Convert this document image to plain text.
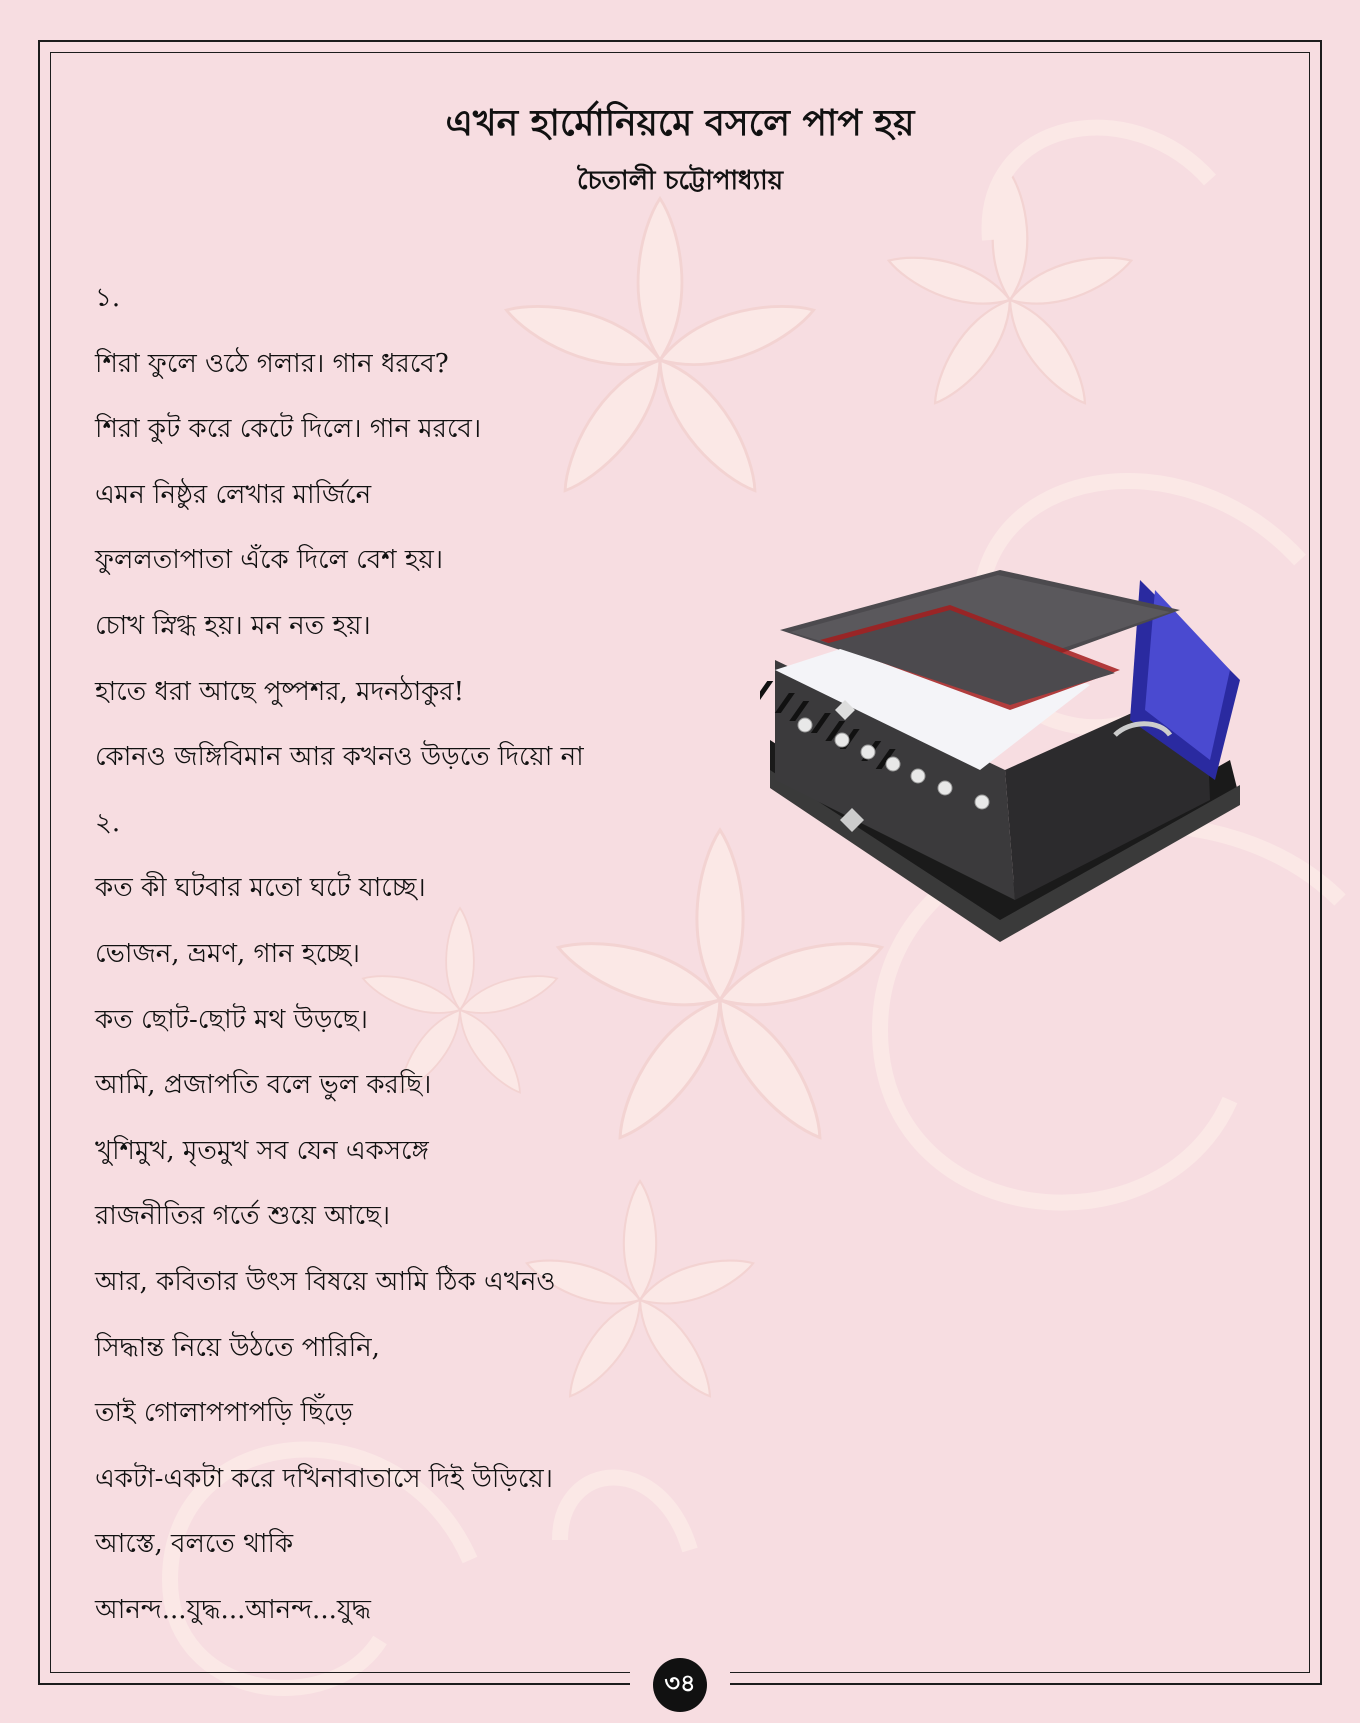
এখন হার্মোনিয়মে বসলে পাপ হয়
চৈতালী চট্টোপাধ্যায়
১.
শিরা ফুলে ওঠে গলার। গান ধরবে?
শিরা কুট করে কেটে দিলে। গান মরবে।
এমন নিষ্ঠুর লেখার মার্জিনে
ফুললতাপাতা এঁকে দিলে বেশ হয়।
চোখ স্নিগ্ধ হয়। মন নত হয়।
হাতে ধরা আছে পুষ্পশর, মদনঠাকুর!
কোনও জঙ্গিবিমান আর কখনও উড়তে দিয়ো না
২.
কত কী ঘটবার মতো ঘটে যাচ্ছে।
ভোজন, ভ্রমণ, গান হচ্ছে।
কত ছোট-ছোট মথ উড়ছে।
আমি, প্রজাপতি বলে ভুল করছি।
খুশিমুখ, মৃতমুখ সব যেন একসঙ্গে
রাজনীতির গর্তে শুয়ে আছে।
আর, কবিতার উৎস বিষয়ে আমি ঠিক এখনও
সিদ্ধান্ত নিয়ে উঠতে পারিনি,
তাই গোলাপপাপড়ি ছিঁড়ে
একটা-একটা করে দখিনাবাতাসে দিই উড়িয়ে।
আস্তে, বলতে থাকি
আনন্দ...যুদ্ধ...আনন্দ...যুদ্ধ
৩৪
